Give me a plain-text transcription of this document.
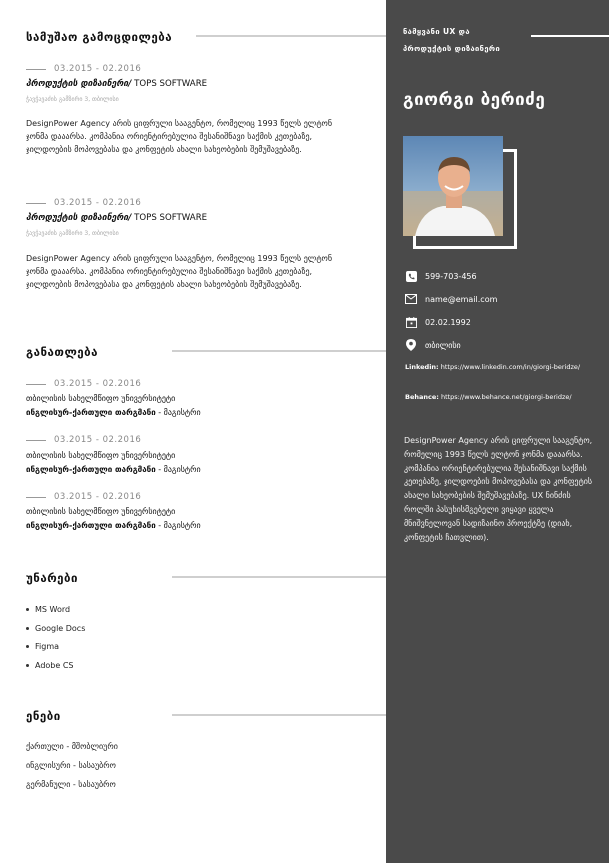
სამუშაო გამოცდილება
03.2015 - 02.2016
პროდუქტის დიზაინერი/ TOPS SOFTWARE
ჭავჭავაძის გამზირი 3, თბილისი
DesignPower Agency არის ციფრული სააგენტო, რომელიც 1993 წელს ელტონ ჯონმა დააარსა. კომპანია ორიენტირებულია შესანიშნავი საქმის კეთებაზე, ჯილდოების მოპოვებასა და კონფეტის ახალი სახეობების შემუშავებაზე.
03.2015 - 02.2016
პროდუქტის დიზაინერი/ TOPS SOFTWARE
ჭავჭავაძის გამზირი 3, თბილისი
DesignPower Agency არის ციფრული სააგენტო, რომელიც 1993 წელს ელტონ ჯონმა დააარსა. კომპანია ორიენტირებულია შესანიშნავი საქმის კეთებაზე, ჯილდოების მოპოვებასა და კონფეტის ახალი სახეობების შემუშავებაზე.
განათლება
03.2015 - 02.2016
თბილისის სახელმწიფო უნივერსიტეტი
ინგლისურ-ქართული თარგმანი - მაგისტრი
03.2015 - 02.2016
თბილისის სახელმწიფო უნივერსიტეტი
ინგლისურ-ქართული თარგმანი - მაგისტრი
03.2015 - 02.2016
თბილისის სახელმწიფო უნივერსიტეტი
ინგლისურ-ქართული თარგმანი - მაგისტრი
უნარები
MS Word
Google Docs
Figma
Adobe CS
ენები
ქართული - მშობლიური
ინგლისური - სასაუბრო
გერმანული - სასაუბრო
ნამყვანი UX და
პროდუქტის დიზაინერი
გიორგი ბერიძე
599-703-456
name@email.com
02.02.1992
თბილისი
Linkedin: https://www.linkedin.com/in/giorgi-beridze/
Behance: https://www.behance.net/giorgi-beridze/
DesignPower Agency არის ციფრული სააგენტო, რომელიც 1993 წელს ელტონ ჯონმა დააარსა. კომპანია ორიენტირებულია შესანიშნავი საქმის კეთებაზე, ჯილდოების მოპოვებასა და კონფეტის ახალი სახეობების შემუშავებაზე. UX ნინძის როლში პასუხისმგებელი ვიყავი ყველა მნიშვნელოვან სადიზაინო პროექტზე (დიახ, კონფეტის ჩათვლით).
